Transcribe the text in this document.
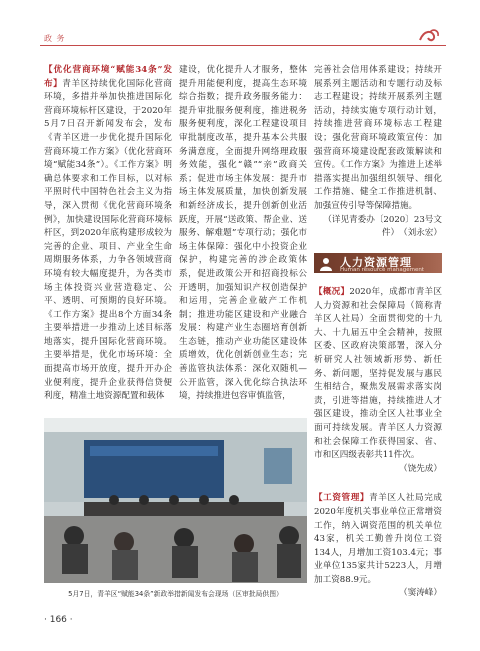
政 务
【优化营商环境“赋能34条”发布】青羊区持续优化国际化营商环境，多措并举加快推进国际化营商环境标杆区建设，于2020年5月7日召开新闻发布会，发布《青羊区进一步优化提升国际化营商环境工作方案》（优化营商环境“赋能34条”）。《工作方案》明确总体要求和工作目标，以对标平照时代中国特色社会主义为指导，深入贯彻《优化营商环境条例》，加快建设国际化营商环境标杆区，到2020年底构建形成较为完善的企业、项目、产业全生命周期服务体系，力争各领域营商环境有较大幅度提升，为各类市场主体投资兴业营造稳定、公平、透明、可预期的良好环境。《工作方案》提出8个方面34条主要举措进一步推动上述目标落地落实，提升国际化营商环境。主要举措是，优化市场环境：全面提高市场开放度，提升开办企业便利度，提升企业获得信贷便利度，精准土地资源配置和载体
建设，优化提升人才服务，整体提升用能便利度，提高生态环境综合指数；提升政务服务能力：提升审批服务便利度，推进税务服务便利度，深化工程建设项目审批制度改革，提升基本公共服务满意度，全面提升网络理政服务效能，强化“赣”“亲”政商关系；促进市场主体发展：提升市场主体发展质量，加快创新发展和新经济成长，提升创新创业活跃度，开展“送政策、帮企业、送服务、解难题”专项行动；强化市场主体保障：强化中小投资企业保护，构建完善的涉企政策体系，促进政策公开和招商投标公开透明，加强知识产权创造保护和运用，完善企业破产工作机制；推进功能区建设和产业融合发展：构建产业生态圈培育创新生态链，推动产业功能区建设体质增效，优化创新创业生态；完善监管执法体系：深化双随机—公开监管，深入优化综合执法环境，持续推进包容审慎监管，
完善社会信用体系建设；持续开展系列主题活动和专题行动及标志工程建设；持续开展系列主题活动，持续实施专项行动计划，持续推进营商环境标志工程建设；强化营商环境政策宣传：加强营商环境建设配套政策解读和宣传。《工作方案》为推进上述举措落实提出加强组织领导、细化工作措施、健全工作推进机制、加强宣传引导等保障措施。
（详见青委办〔2020〕23号文件）　（刘永宏）
人力资源管理
Human resource management
【概况】2020年，成都市青羊区人力资源和社会保障局（简称青羊区人社局）全面贯彻党的十九大、十九届五中全会精神，按照区委、区政府决策部署，深入分析研究人社领域新形势、新任务、新问题，坚持促发展与惠民生相结合，聚焦发展需求落实岗责，引进等措施，持续推进人才强区建设，推动全区人社事业全面可持续发展。青羊区人力资源和社会保障工作获得国家、省、市和区四级表彰共11件次。
（饶先成）
【工资管理】青羊区人社局完成2020年度机关事业单位正常增资工作，纳入调资范围的机关单位43家，机关工勤普升岗位工资134人，月增加工资103.4元；事业单位135家共计5223人，月增加工资88.9元。
（窦涛峰）
5月7日，青羊区“赋能34条”新政举措新闻发布会现场（区审批局供图）
· 166 ·
